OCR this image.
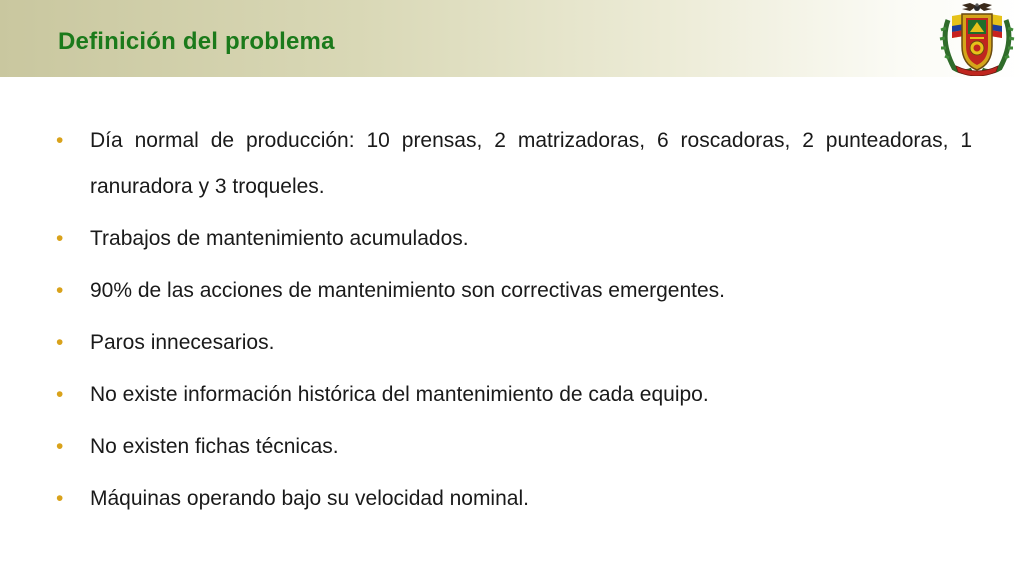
Definición del problema
• Día normal de producción: 10 prensas, 2 matrizadoras, 6 roscadoras, 2 punteadoras, 1 ranuradora y 3 troqueles.
• Trabajos de mantenimiento acumulados.
• 90% de las acciones de mantenimiento son correctivas emergentes.
• Paros innecesarios.
• No existe información histórica del mantenimiento de cada equipo.
• No existen fichas técnicas.
• Máquinas operando bajo su velocidad nominal.
